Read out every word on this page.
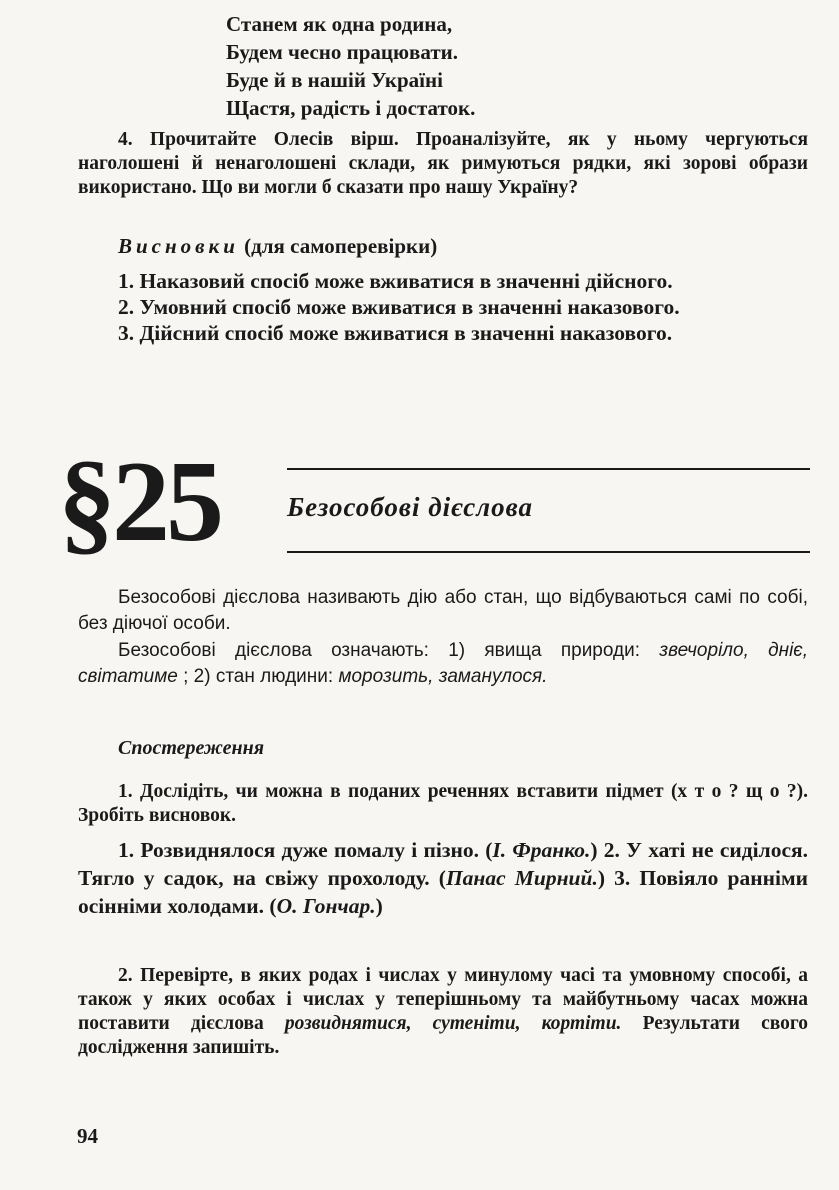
Станем як одна родина,
Будем чесно працювати.
Буде й в нашій Україні
Щастя, радість і достаток.
4. Прочитайте Олесів вірш. Проаналізуйте, як у ньому чергуються наголошені й ненаголошені склади, як римуються рядки, які зорові образи використано. Що ви могли б сказати про нашу Україну?
Висновки (для самоперевірки)
1. Наказовий спосіб може вживатися в значенні дійсного.
2. Умовний спосіб може вживатися в значенні наказового.
3. Дійсний спосіб може вживатися в значенні наказового.
§25 Безособові дієслова
Безособові дієслова називають дію або стан, що відбуваються самі по собі, без діючої особи.
Безособові дієслова означають: 1) явища природи: звечоріло, дніє, світатиме ; 2) стан людини: морозить, заманулося.
Спостереження
1. Дослідіть, чи можна в поданих реченнях вставити підмет (х т о ? щ о ?). Зробіть висновок.
1. Розвиднялося дуже помалу і пізно. (І. Франко.) 2. У хаті не сиділося. Тягло у садок, на свіжу прохолоду. (Панас Мирний.) 3. Повіяло ранніми осінніми холодами. (О. Гончар.)
2. Перевірте, в яких родах і числах у минулому часі та умовному способі, а також у яких особах і числах у теперішньому та майбутньому часах можна поставити дієслова розвиднятися, сутеніти, кортіти. Результати свого дослідження запишіть.
94
